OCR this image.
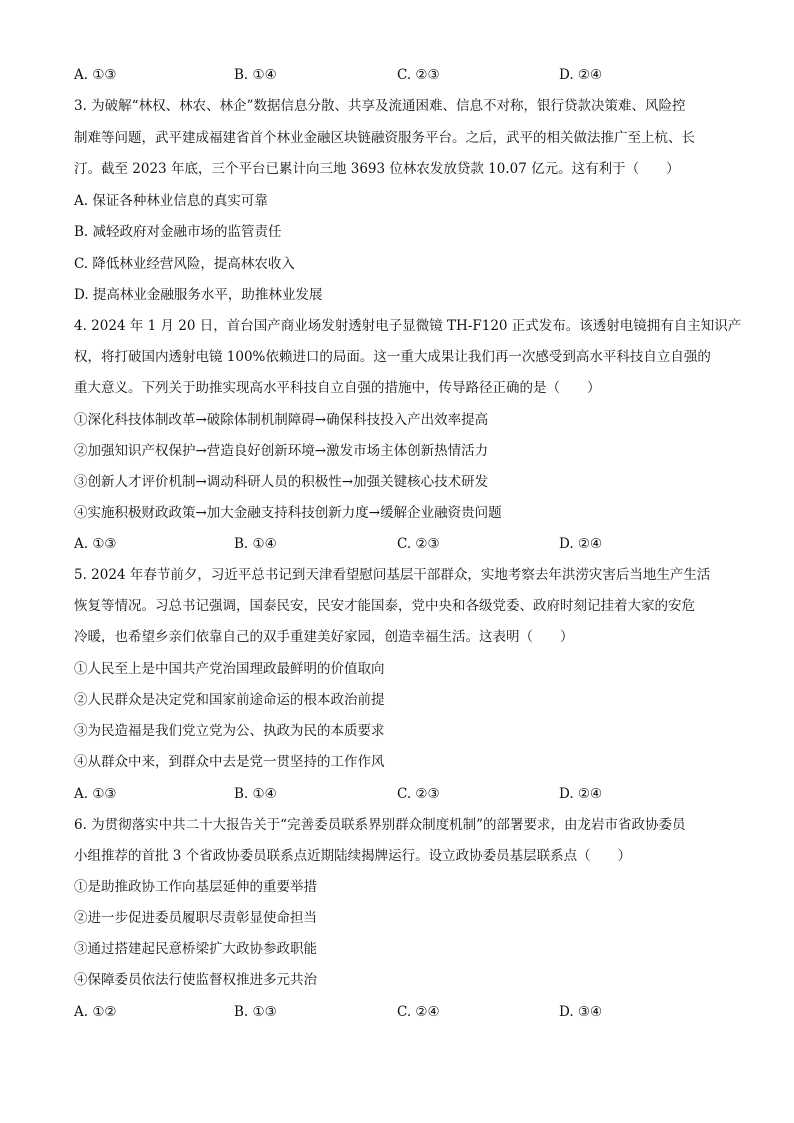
A. ①③	B. ①④	C. ②③	D. ②④
3. 为破解“林权、林农、林企”数据信息分散、共享及流通困难、信息不对称，银行贷款决策难、风险控
制难等问题，武平建成福建省首个林业金融区块链融资服务平台。之后，武平的相关做法推广至上杭、长
汀。截至 2023 年底，三个平台已累计向三地 3693 位林农发放贷款 10.07 亿元。这有利于（　　）
A. 保证各种林业信息的真实可靠
B. 减轻政府对金融市场的监管责任
C. 降低林业经营风险，提高林农收入
D. 提高林业金融服务水平，助推林业发展
4. 2024 年 1 月 20 日，首台国产商业场发射透射电子显微镜 TH-F120 正式发布。该透射电镜拥有自主知识产
权，将打破国内透射电镜 100%依赖进口的局面。这一重大成果让我们再一次感受到高水平科技自立自强的
重大意义。下列关于助推实现高水平科技自立自强的措施中，传导路径正确的是（　　）
①深化科技体制改革→破除体制机制障碍→确保科技投入产出效率提高
②加强知识产权保护→营造良好创新环境→激发市场主体创新热情活力
③创新人才评价机制→调动科研人员的积极性→加强关键核心技术研发
④实施积极财政政策→加大金融支持科技创新力度→缓解企业融资贵问题
A. ①③	B. ①④	C. ②③	D. ②④
5. 2024 年春节前夕，习近平总书记到天津看望慰问基层干部群众，实地考察去年洪涝灾害后当地生产生活
恢复等情况。习总书记强调，国泰民安，民安才能国泰，党中央和各级党委、政府时刻记挂着大家的安危
冷暖，也希望乡亲们依靠自己的双手重建美好家园，创造幸福生活。这表明（　　）
①人民至上是中国共产党治国理政最鲜明的价值取向
②人民群众是决定党和国家前途命运的根本政治前提
③为民造福是我们党立党为公、执政为民的本质要求
④从群众中来，到群众中去是党一贯坚持的工作作风
A. ①③	B. ①④	C. ②③	D. ②④
6. 为贯彻落实中共二十大报告关于“完善委员联系界别群众制度机制”的部署要求，由龙岩市省政协委员
小组推荐的首批 3 个省政协委员联系点近期陆续揭牌运行。设立政协委员基层联系点（　　）
①是助推政协工作向基层延伸的重要举措
②进一步促进委员履职尽责彰显使命担当
③通过搭建起民意桥梁扩大政协参政职能
④保障委员依法行使监督权推进多元共治
A. ①②	B. ①③	C. ②④	D. ③④
